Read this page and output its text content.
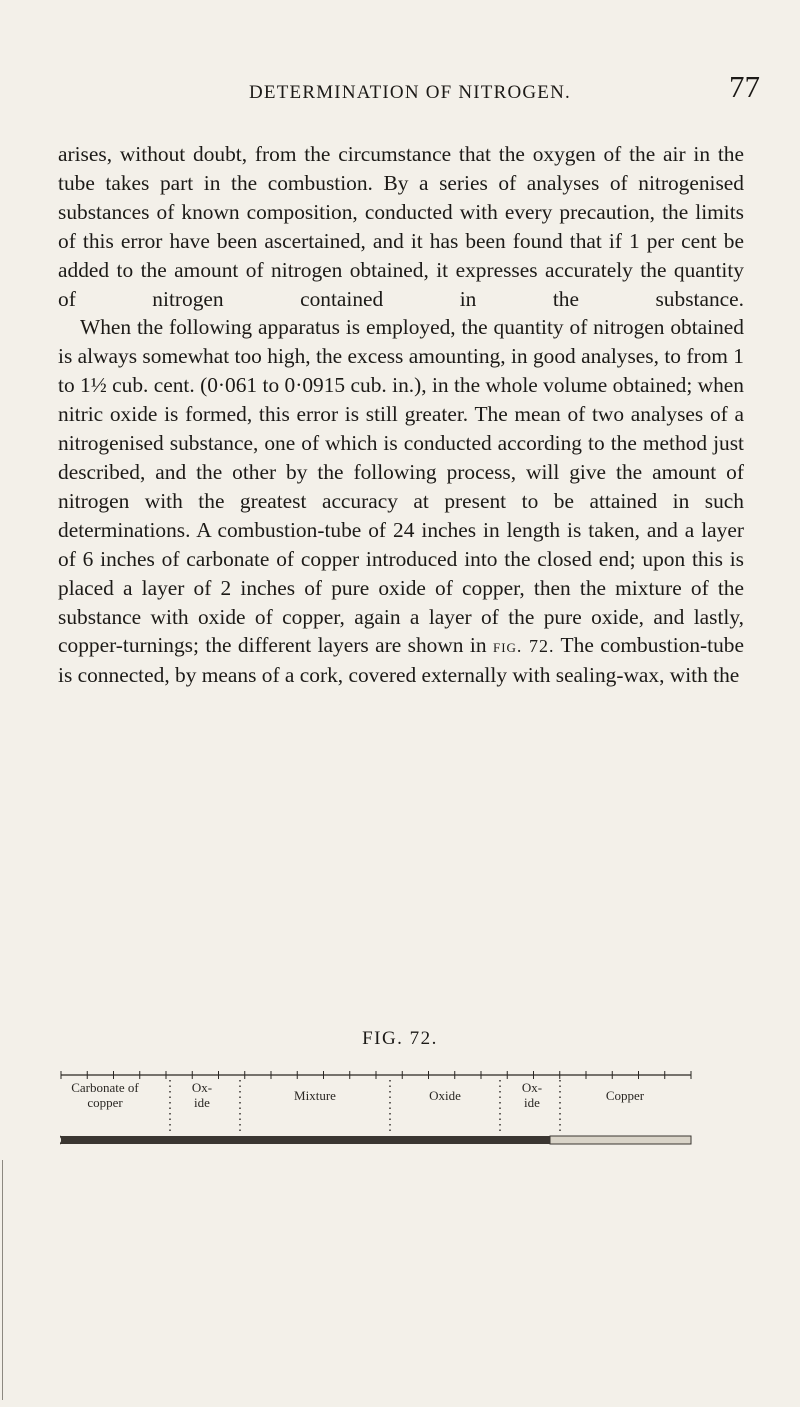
DETERMINATION OF NITROGEN.	77

arises, without doubt, from the circumstance that the oxygen of the air in the tube takes part in the combustion. By a series of analyses of nitrogenised substances of known composition, conducted with every precaution, the limits of this error have been ascertained, and it has been found that if 1 per cent be added to the amount of nitrogen obtained, it expresses accurately the quantity of nitrogen contained in the substance.

When the following apparatus is employed, the quantity of nitrogen obtained is always somewhat too high, the excess amounting, in good analyses, to from 1 to 1½ cub. cent. (0·061 to 0·0915 cub. in.), in the whole volume obtained; when nitric oxide is formed, this error is still greater. The mean of two analyses of a nitrogenised substance, one of which is conducted according to the method just described, and the other by the following process, will give the amount of nitrogen with the greatest accuracy at present to be attained in such determinations. A combustion-tube of 24 inches in length is taken, and a layer of 6 inches of carbonate of copper introduced into the closed end; upon this is placed a layer of 2 inches of pure oxide of copper, then the mixture of the substance with oxide of copper, again a layer of the pure oxide, and lastly, copper-turnings; the different layers are shown in fig. 72. The combustion-tube is connected, by means of a cork, covered externally with sealing-wax, with the

FIG. 72.
Carbonate of
copper
Ox-
ide	Mixture	Oxide
Ox-
ide	Copper
